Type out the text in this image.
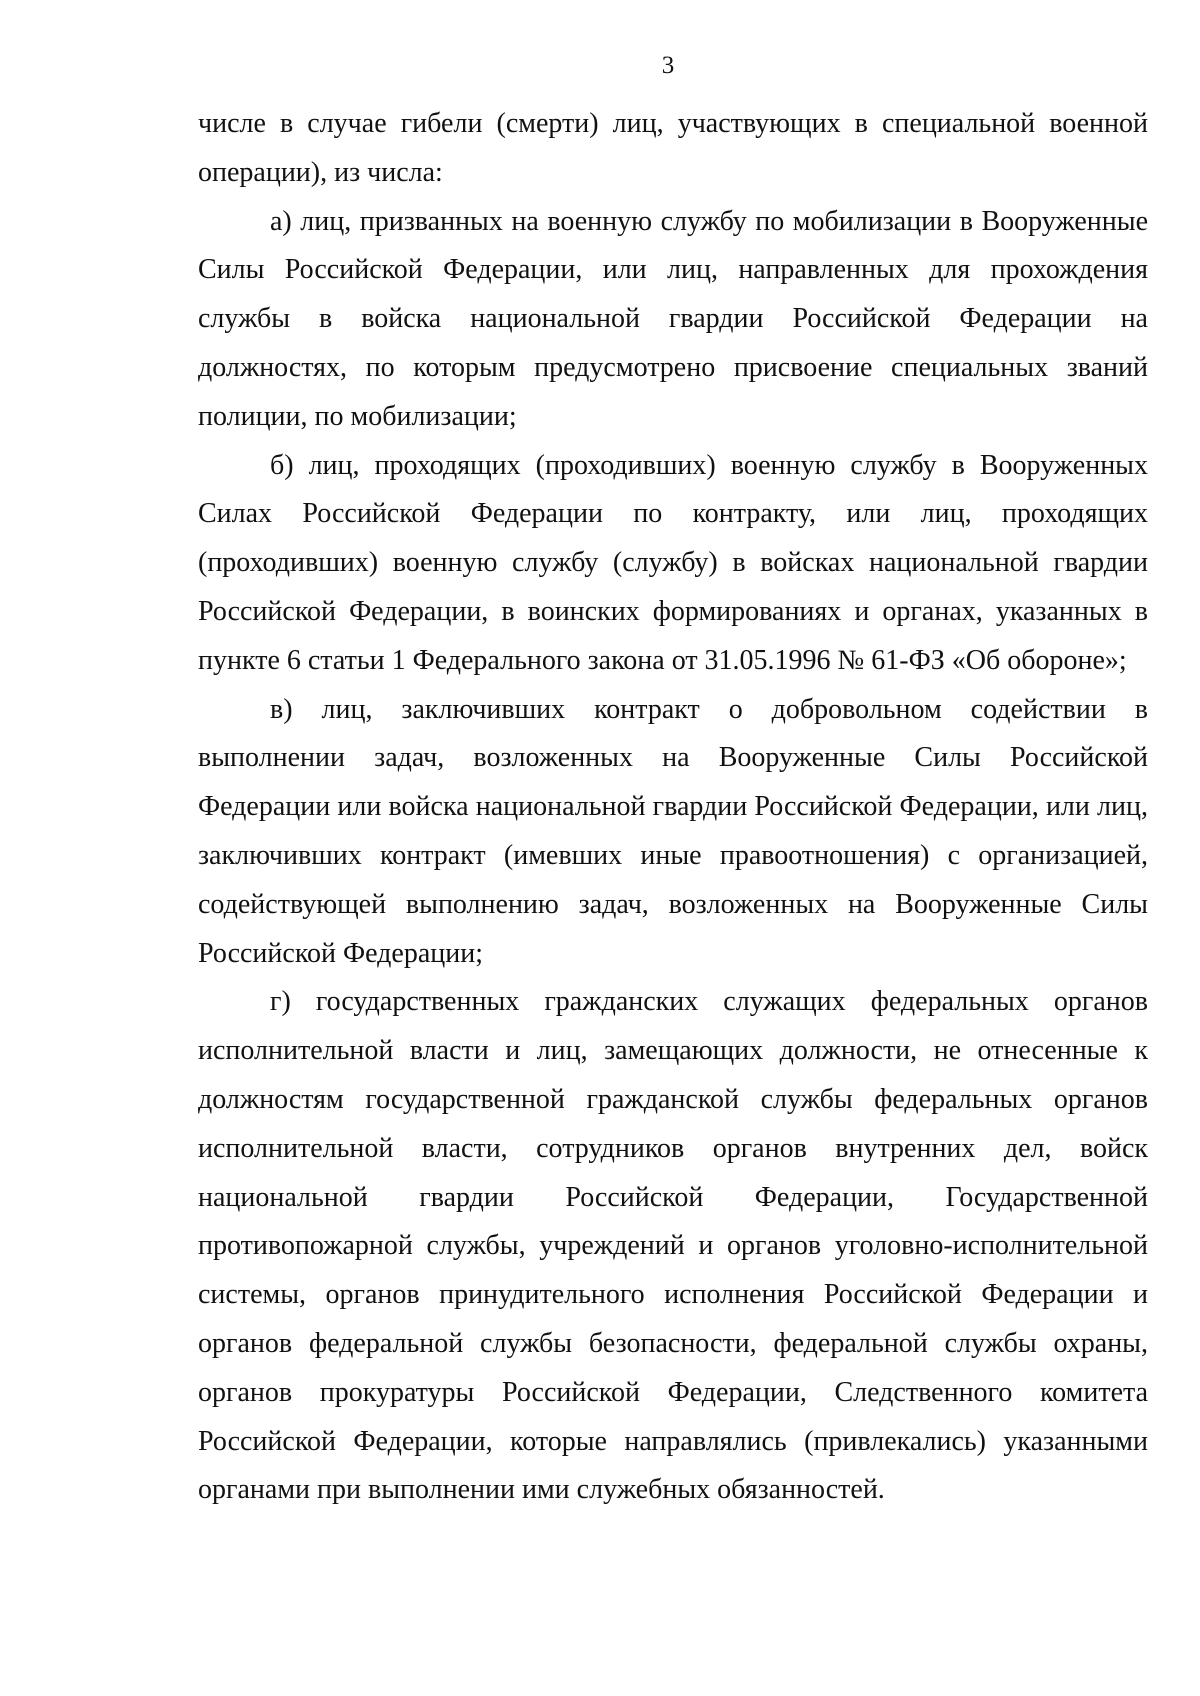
3

числе в случае гибели (смерти) лиц, участвующих в специальной военной операции), из числа:

а) лиц, призванных на военную службу по мобилизации в Вооруженные Силы Российской Федерации, или лиц, направленных для прохождения службы в войска национальной гвардии Российской Федерации на должностях, по которым предусмотрено присвоение специальных званий полиции, по мобилизации;

б) лиц, проходящих (проходивших) военную службу в Вооруженных Силах Российской Федерации по контракту, или лиц, проходящих (проходивших) военную службу (службу) в войсках национальной гвардии Российской Федерации, в воинских формированиях и органах, указанных в пункте 6 статьи 1 Федерального закона от 31.05.1996 № 61-ФЗ «Об обороне»;

в) лиц, заключивших контракт о добровольном содействии в выполнении задач, возложенных на Вооруженные Силы Российской Федерации или войска национальной гвардии Российской Федерации, или лиц, заключивших контракт (имевших иные правоотношения) с организацией, содействующей выполнению задач, возложенных на Вооруженные Силы Российской Федерации;

г) государственных гражданских служащих федеральных органов исполнительной власти и лиц, замещающих должности, не отнесенные к должностям государственной гражданской службы федеральных органов исполнительной власти, сотрудников органов внутренних дел, войск национальной гвардии Российской Федерации, Государственной противопожарной службы, учреждений и органов уголовно-исполнительной системы, органов принудительного исполнения Российской Федерации и органов федеральной службы безопасности, федеральной службы охраны, органов прокуратуры Российской Федерации, Следственного комитета Российской Федерации, которые направлялись (привлекались) указанными органами при выполнении ими служебных обязанностей.
